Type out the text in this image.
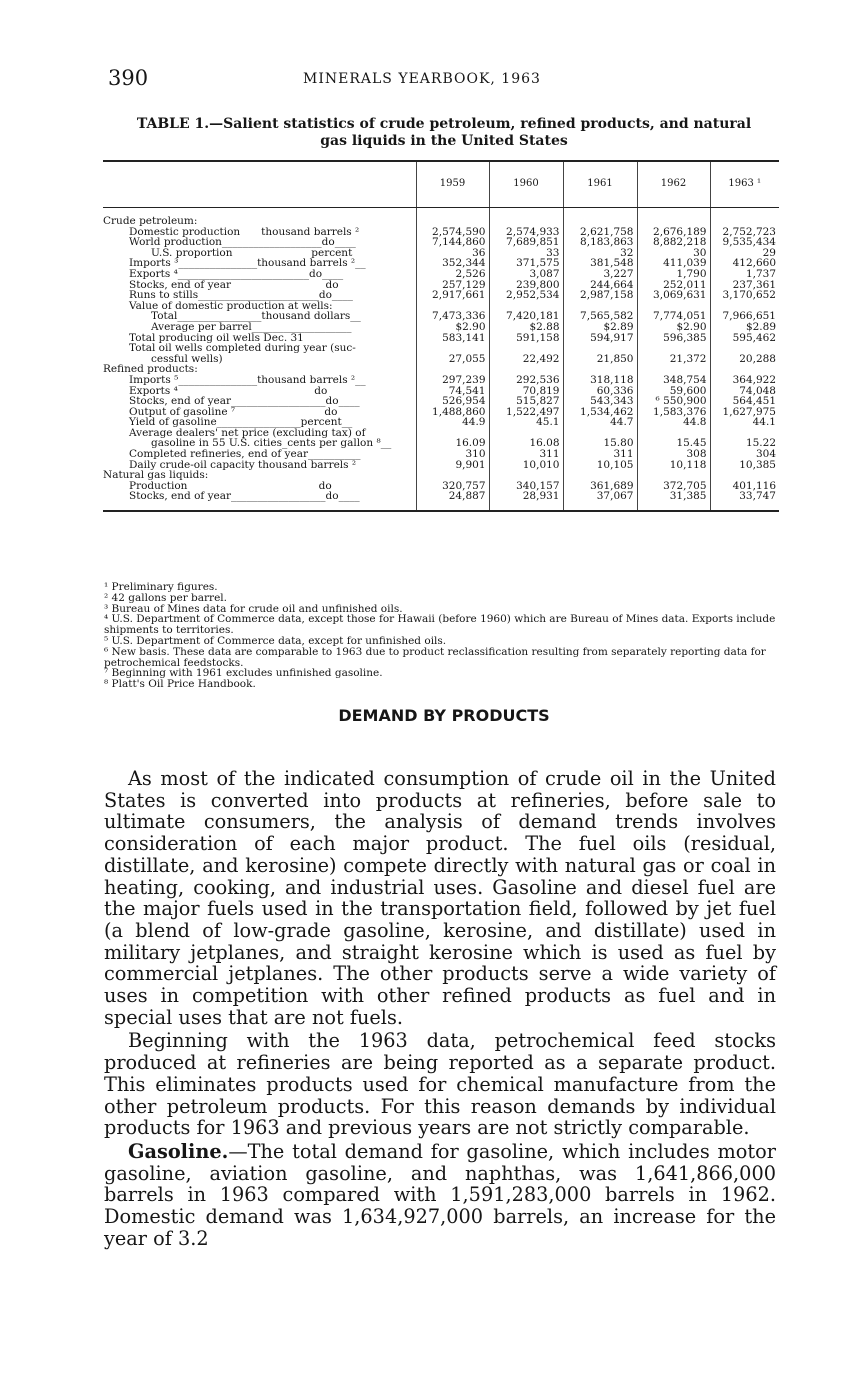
390	MINERALS YEARBOOK, 1963
TABLE 1.—Salient statistics of crude petroleum, refined products, and natural
gas liquids in the United States
	1959	1960	1961	1962	1963 ¹

Crude petroleum:					
Domestic production____thousand barrels ²__	2,574,590	2,574,933	2,621,758	2,676,189	2,752,723
World production___________________do____	7,144,860	7,689,851	8,183,863	8,882,218	9,535,434
U.S. proportion_______________percent__	36	33	32	30	29
Imports ³_______________thousand barrels ²__	352,344	371,575	381,548	411,039	412,660
Exports ⁴_________________________do____	2,526	3,087	3,227	1,790	1,737
Stocks, end of year__________________do____	257,129	239,800	244,664	252,011	237,361
Runs to stills_______________________do____	2,917,661	2,952,534	2,987,158	3,069,631	3,170,652
Value of domestic production at wells:					
Total________________thousand dollars__	7,473,336	7,420,181	7,565,582	7,774,051	7,966,651
Average per barrel___________________	$2.90	$2.88	$2.89	$2.90	$2.89
Total producing oil wells Dec. 31_____________	583,141	591,158	594,917	596,385	595,462
Total oil wells completed during year (suc-					
cessful wells)_______________________________	27,055	22,492	21,850	21,372	20,288
Refined products:					
Imports ⁵_______________thousand barrels ²__	297,239	292,536	318,118	348,754	364,922
Exports ⁴__________________________do____	74,541	70,819	60,336	59,600	74,048
Stocks, end of year__________________do____	526,954	515,827	543,343	⁶ 550,900	564,451
Output of gasoline ⁷_________________do____	1,488,860	1,522,497	1,534,462	1,583,376	1,627,975
Yield of gasoline________________percent__	44.9	45.1	44.7	44.8	44.1
Average dealers' net price (excluding tax) of					
gasoline in 55 U.S. cities_cents per gallon ⁸__	16.09	16.08	15.80	15.45	15.22
Completed refineries, end of year__________	310	311	311	308	304
Daily crude-oil capacity thousand barrels ²__	9,901	10,010	10,105	10,118	10,385
Natural gas liquids:					
Production_________________________do____	320,757	340,157	361,689	372,705	401,116
Stocks, end of year__________________do____	24,887	28,931	37,067	31,385	33,747

¹ Preliminary figures.

² 42 gallons per barrel.

³ Bureau of Mines data for crude oil and unfinished oils.

⁴ U.S. Department of Commerce data, except those for Hawaii (before 1960) which are Bureau of Mines data. Exports include shipments to territories.

⁵ U.S. Department of Commerce data, except for unfinished oils.

⁶ New basis. These data are comparable to 1963 due to product reclassification resulting from separately reporting data for petrochemical feedstocks.

⁷ Beginning with 1961 excludes unfinished gasoline.

⁸ Platt's Oil Price Handbook.

DEMAND BY PRODUCTS

As most of the indicated consumption of crude oil in the United States is converted into products at refineries, before sale to ultimate consumers, the analysis of demand trends involves consideration of each major product. The fuel oils (residual, distillate, and kerosine) compete directly with natural gas or coal in heating, cooking, and industrial uses. Gasoline and diesel fuel are the major fuels used in the transportation field, followed by jet fuel (a blend of low-grade gasoline, kerosine, and distillate) used in military jetplanes, and straight kerosine which is used as fuel by commercial jetplanes. The other products serve a wide variety of uses in competition with other refined products as fuel and in special uses that are not fuels.

Beginning with the 1963 data, petrochemical feed stocks produced at refineries are being reported as a separate product. This eliminates products used for chemical manufacture from the other petroleum products. For this reason demands by individual products for 1963 and previous years are not strictly comparable.

Gasoline.—The total demand for gasoline, which includes motor gasoline, aviation gasoline, and naphthas, was 1,641,866,000 barrels in 1963 compared with 1,591,283,000 barrels in 1962. Domestic demand was 1,634,927,000 barrels, an increase for the year of 3.2
